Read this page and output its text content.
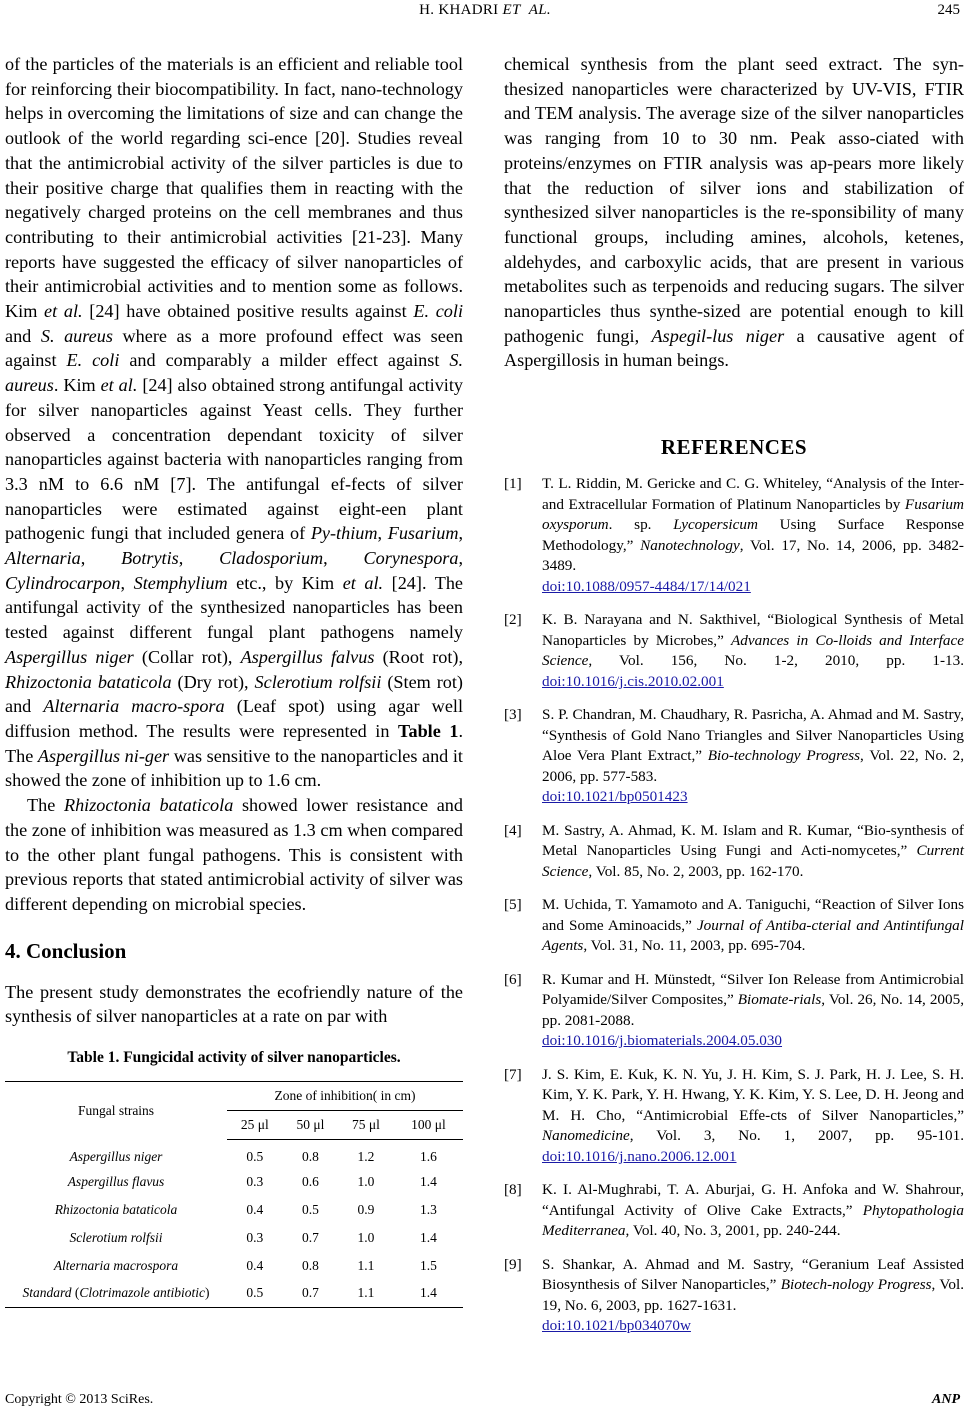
H. KHADRI ET AL.	245

of the particles of the materials is an efficient and reliable tool for reinforcing their biocompatibility. In fact, nano-technology helps in overcoming the limitations of size and can change the outlook of the world regarding sci-ence [20]. Studies reveal that the antimicrobial activity of the silver particles is due to their positive charge that qualifies them in reacting with the negatively charged proteins on the cell membranes and thus contributing to their antimicrobial activities [21-23]. Many reports have suggested the efficacy of silver nanoparticles of their antimicrobial activities and to mention some as follows. Kim et al. [24] have obtained positive results against E. coli and S. aureus where as a more profound effect was seen against E. coli and comparably a milder effect against S. aureus. Kim et al. [24] also obtained strong antifungal activity for silver nanoparticles against Yeast cells. They further observed a concentration dependant toxicity of silver nanoparticles against bacteria with nanoparticles ranging from 3.3 nM to 6.6 nM [7]. The antifungal ef-fects of silver nanoparticles were estimated against eight-een plant pathogenic fungi that included genera of Py-thium, Fusarium, Alternaria, Botrytis, Cladosporium, Corynespora, Cylindrocarpon, Stemphylium etc., by Kim et al. [24]. The antifungal activity of the synthesized nanoparticles has been tested against different fungal plant pathogens namely Aspergillus niger (Collar rot), Aspergillus falvus (Root rot), Rhizoctonia bataticola (Dry rot), Sclerotium rolfsii (Stem rot) and Alternaria macro-spora (Leaf spot) using agar well diffusion method. The results were represented in Table 1. The Aspergillus ni-ger was sensitive to the nanoparticles and it showed the zone of inhibition up to 1.6 cm.

The Rhizoctonia bataticola showed lower resistance and the zone of inhibition was measured as 1.3 cm when compared to the other plant fungal pathogens. This is consistent with previous reports that stated antimicrobial activity of silver was different depending on microbial species.

4. Conclusion

The present study demonstrates the ecofriendly nature of the synthesis of silver nanoparticles at a rate on par with

Table 1. Fungicidal activity of silver nanoparticles.
Fungal strains	Zone of inhibition( in cm)			
	25 μl	50 μl	75 μl	100 μl
Aspergillus niger	0.5	0.8	1.2	1.6
Aspergillus flavus	0.3	0.6	1.0	1.4
Rhizoctonia bataticola	0.4	0.5	0.9	1.3
Sclerotium rolfsii	0.3	0.7	1.0	1.4
Alternaria macrospora	0.4	0.8	1.1	1.5
Standard (Clotrimazole antibiotic)	0.5	0.7	1.1	1.4

chemical synthesis from the plant seed extract. The syn-thesized nanoparticles were characterized by UV-VIS, FTIR and TEM analysis. The average size of the silver nanoparticles was ranging from 10 to 30 nm. Peak asso-ciated with proteins/enzymes on FTIR analysis was ap-pears more likely that the reduction of silver ions and stabilization of synthesized silver nanoparticles is the re-sponsibility of many functional groups, including amines, alcohols, ketenes, aldehydes, and carboxylic acids, that are present in various metabolites such as terpenoids and reducing sugars. The silver nanoparticles thus synthe-sized are potential enough to kill pathogenic fungi, Aspegil-lus niger a causative agent of Aspergillosis in human beings.

REFERENCES
[1] T. L. Riddin, M. Gericke and C. G. Whiteley, “Analysis of the Inter- and Extracellular Formation of Platinum Nanoparticles by Fusarium oxysporum. sp. Lycopersicum Using Surface Response Methodology,” Nanotechnology, Vol. 17, No. 14, 2006, pp. 3482-3489.
doi:10.1088/0957-4484/17/14/021
[2] K. B. Narayana and N. Sakthivel, “Biological Synthesis of Metal Nanoparticles by Microbes,” Advances in Co-lloids and Interface Science, Vol. 156, No. 1-2, 2010, pp. 1-13. doi:10.1016/j.cis.2010.02.001
[3] S. P. Chandran, M. Chaudhary, R. Pasricha, A. Ahmad and M. Sastry, “Synthesis of Gold Nano Triangles and Silver Nanoparticles Using Aloe Vera Plant Extract,” Bio-technology Progress, Vol. 22, No. 2, 2006, pp. 577-583.
doi:10.1021/bp0501423
[4] M. Sastry, A. Ahmad, K. M. Islam and R. Kumar, “Bio-synthesis of Metal Nanoparticles Using Fungi and Acti-nomycetes,” Current Science, Vol. 85, No. 2, 2003, pp. 162-170.
[5] M. Uchida, T. Yamamoto and A. Taniguchi, “Reaction of Silver Ions and Some Aminoacids,” Journal of Antiba-cterial and Antintifungal Agents, Vol. 31, No. 11, 2003, pp. 695-704.
[6] R. Kumar and H. Münstedt, “Silver Ion Release from Antimicrobial Polyamide/Silver Composites,” Biomate-rials, Vol. 26, No. 14, 2005, pp. 2081-2088.
doi:10.1016/j.biomaterials.2004.05.030
[7] J. S. Kim, E. Kuk, K. N. Yu, J. H. Kim, S. J. Park, H. J. Lee, S. H. Kim, Y. K. Park, Y. H. Hwang, Y. K. Kim, Y. S. Lee, D. H. Jeong and M. H. Cho, “Antimicrobial Effe-cts of Silver Nanoparticles,” Nanomedicine, Vol. 3, No. 1, 2007, pp. 95-101. doi:10.1016/j.nano.2006.12.001
[8] K. I. Al-Mughrabi, T. A. Aburjai, G. H. Anfoka and W. Shahrour, “Antifungal Activity of Olive Cake Extracts,” Phytopathologia Mediterranea, Vol. 40, No. 3, 2001, pp. 240-244.
[9] S. Shankar, A. Ahmad and M. Sastry, “Geranium Leaf Assisted Biosynthesis of Silver Nanoparticles,” Biotech-nology Progress, Vol. 19, No. 6, 2003, pp. 1627-1631.
doi:10.1021/bp034070w
Copyright © 2013 SciRes.	ANP
